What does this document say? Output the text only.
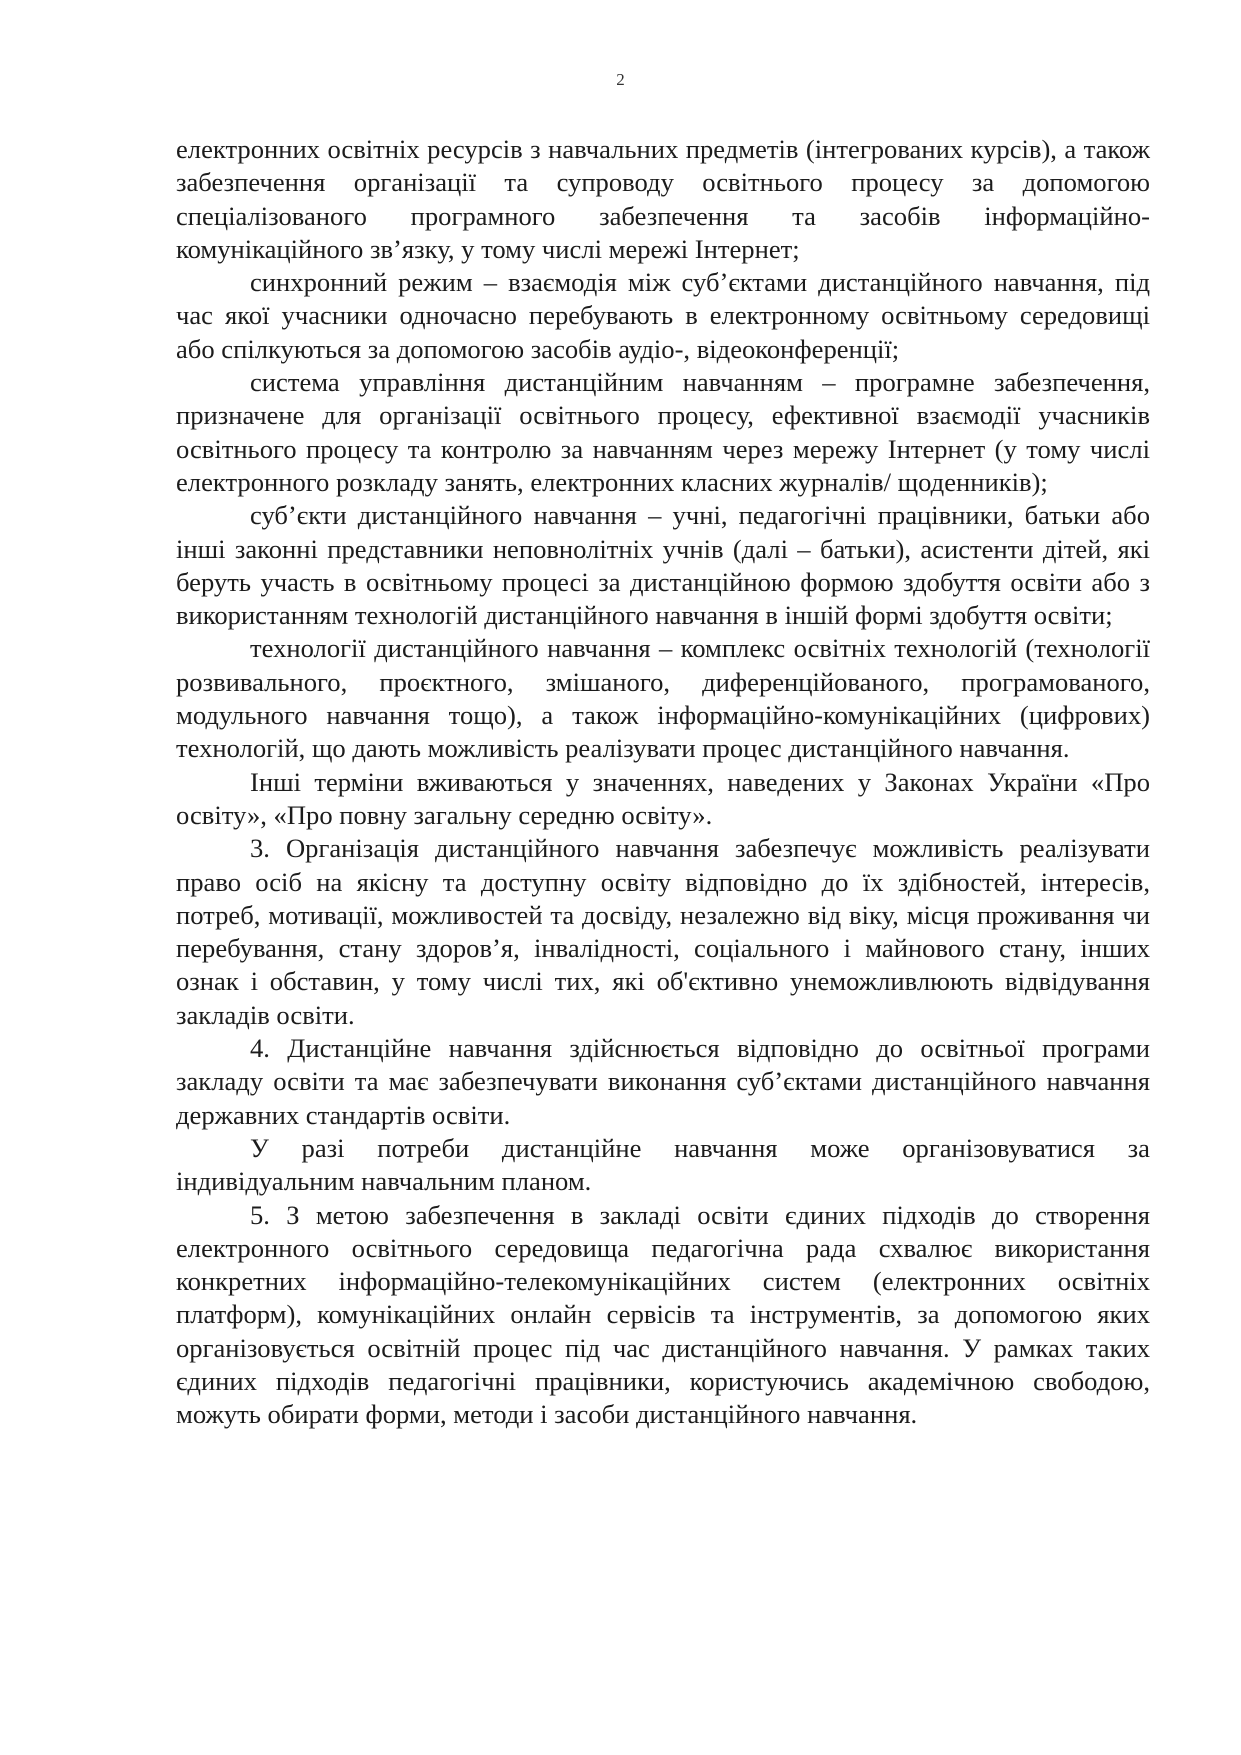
2

електронних освітніх ресурсів з навчальних предметів (інтегрованих курсів), а також забезпечення організації та супроводу освітнього процесу за допомогою спеціалізованого програмного забезпечення та засобів інформаційно-комунікаційного зв’язку, у тому числі мережі Інтернет;

синхронний режим – взаємодія між суб’єктами дистанційного навчання, під час якої учасники одночасно перебувають в електронному освітньому середовищі або спілкуються за допомогою засобів аудіо-, відеоконференції;

система управління дистанційним навчанням – програмне забезпечення, призначене для організації освітнього процесу, ефективної взаємодії учасників освітнього процесу та контролю за навчанням через мережу Інтернет (у тому числі електронного розкладу занять, електронних класних журналів/ щоденників);

суб’єкти дистанційного навчання – учні, педагогічні працівники, батьки або інші законні представники неповнолітніх учнів (далі – батьки), асистенти дітей, які беруть участь в освітньому процесі за дистанційною формою здобуття освіти або з використанням технологій дистанційного навчання в іншій формі здобуття освіти;

технології дистанційного навчання – комплекс освітніх технологій (технології розвивального, проєктного, змішаного, диференційованого, програмованого, модульного навчання тощо), а також інформаційно-комунікаційних (цифрових) технологій, що дають можливість реалізувати процес дистанційного навчання.

Інші терміни вживаються у значеннях, наведених у Законах України «Про освіту», «Про повну загальну середню освіту».

3. Організація дистанційного навчання забезпечує можливість реалізувати право осіб на якісну та доступну освіту відповідно до їх здібностей, інтересів, потреб, мотивації, можливостей та досвіду, незалежно від віку, місця проживання чи перебування, стану здоров’я, інвалідності, соціального і майнового стану, інших ознак і обставин, у тому числі тих, які об'єктивно унеможливлюють відвідування закладів освіти.

4. Дистанційне навчання здійснюється відповідно до освітньої програми закладу освіти та має забезпечувати виконання суб’єктами дистанційного навчання державних стандартів освіти.

У разі потреби дистанційне навчання може організовуватися за індивідуальним навчальним планом.

5. З метою забезпечення в закладі освіти єдиних підходів до створення електронного освітнього середовища педагогічна рада схвалює використання конкретних інформаційно-телекомунікаційних систем (електронних освітніх платформ), комунікаційних онлайн сервісів та інструментів, за допомогою яких організовується освітній процес під час дистанційного навчання. У рамках таких єдиних підходів педагогічні працівники, користуючись академічною свободою, можуть обирати форми, методи і засоби дистанційного навчання.
